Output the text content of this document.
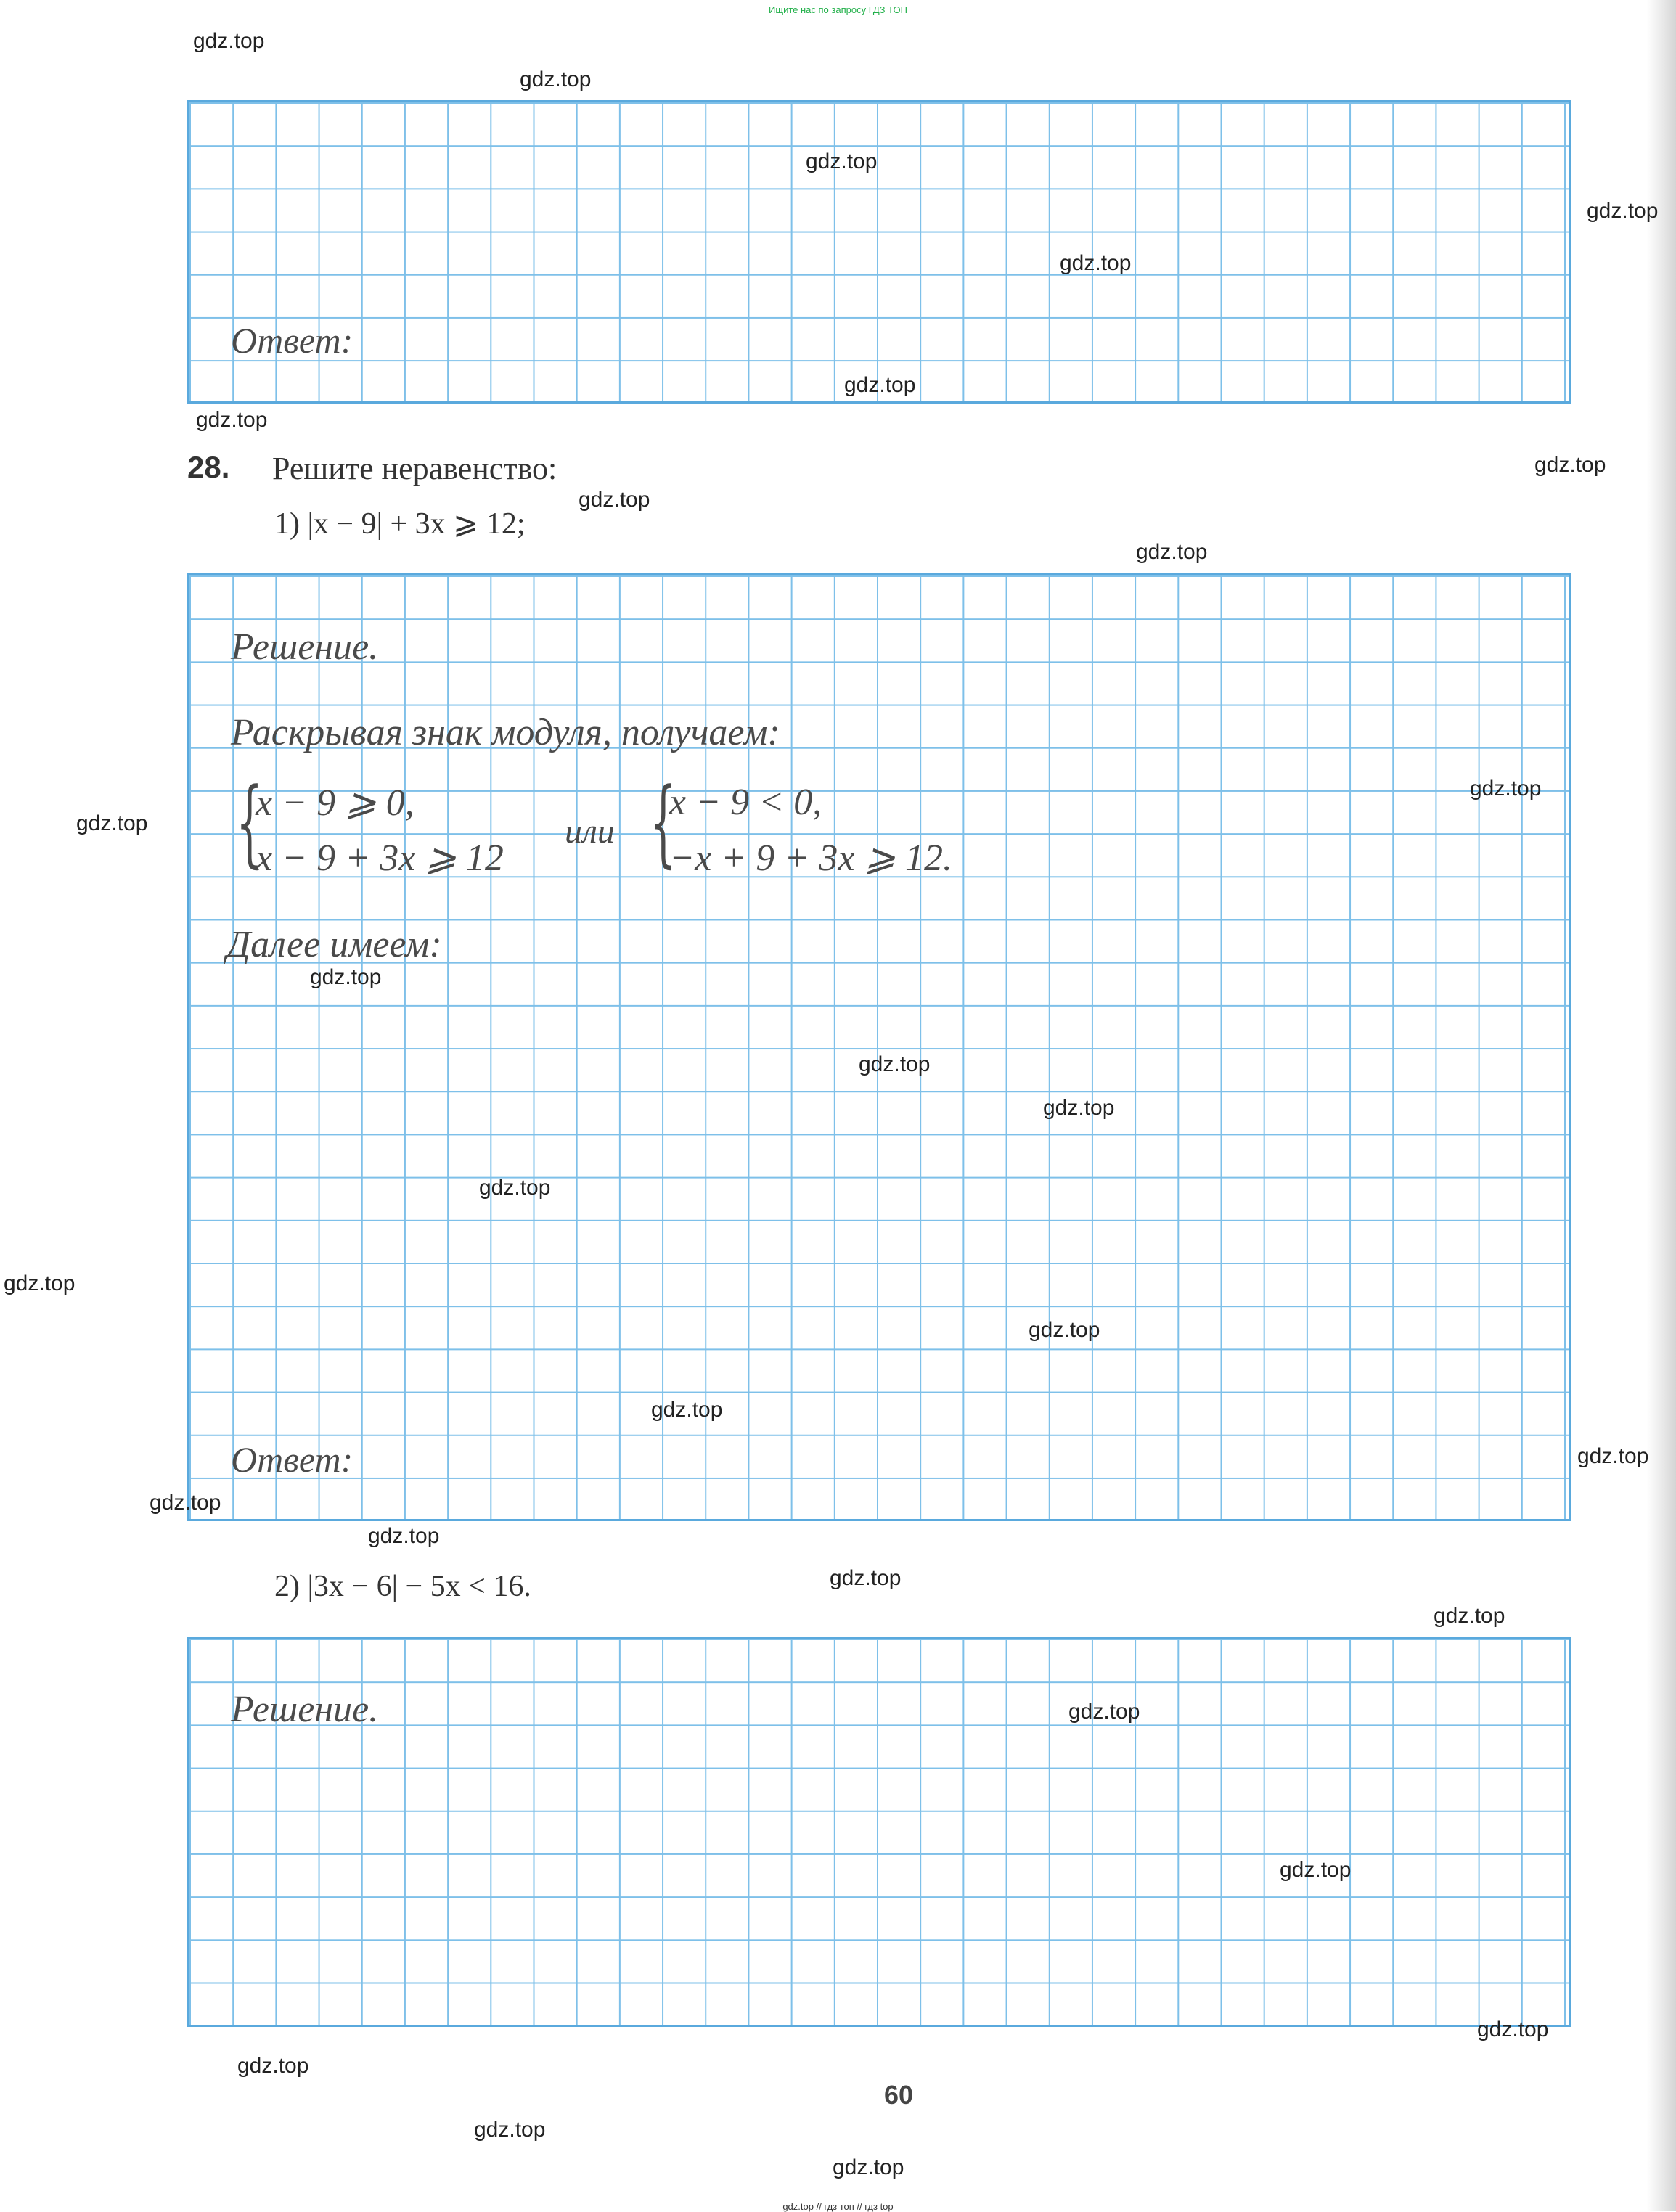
Ищите нас по запросу ГДЗ ТОП
Ответ:
28. Решите неравенство:
1) |x − 9| + 3x ⩾ 12;
Решение.
Раскрывая знак модуля, получаем:
{
x − 9 ⩾ 0,
x − 9 + 3x ⩾ 12
или {
x − 9 < 0,
−x + 9 + 3x ⩾ 12.
Далее имеем:
Ответ:
2) |3x − 6| − 5x < 16.
Решение.
60
gdz.top
gdz.top
gdz.top
gdz.top
gdz.top
gdz.top
gdz.top
gdz.top
gdz.top
gdz.top
gdz.top
gdz.top
gdz.top
gdz.top
gdz.top
gdz.top
gdz.top
gdz.top
gdz.top
gdz.top
gdz.top
gdz.top
gdz.top
gdz.top
gdz.top
gdz.top
gdz.top
gdz.top
gdz.top
gdz.top
gdz.top // гдз топ // гдз top
